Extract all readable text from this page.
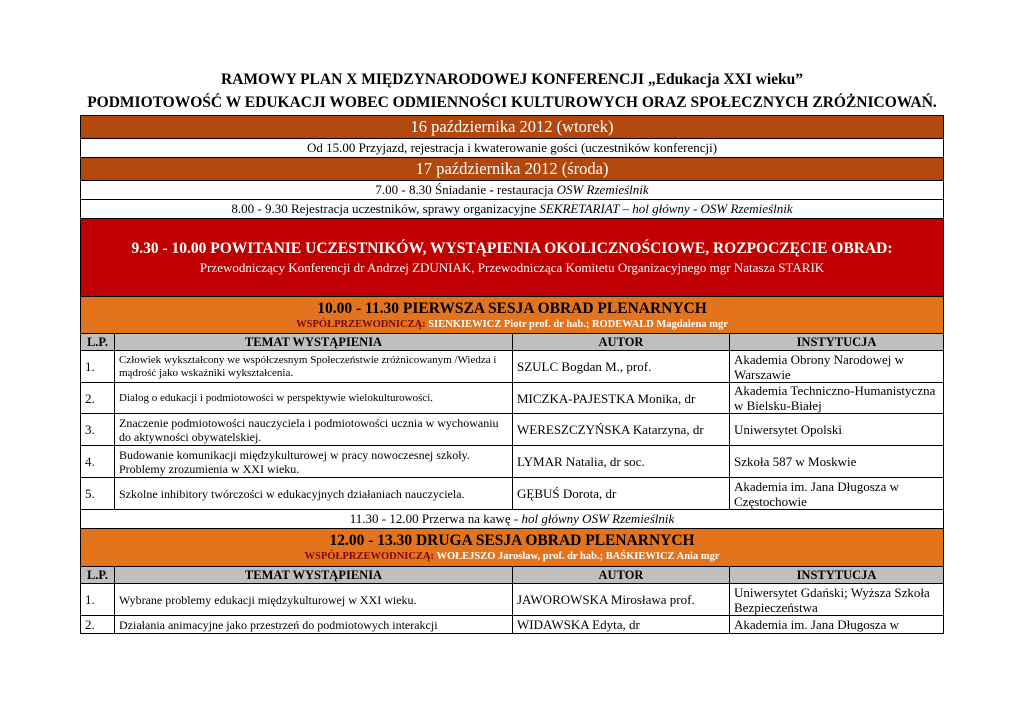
RAMOWY PLAN X MIĘDZYNARODOWEJ KONFERENCJI „Edukacja XXI wieku”
PODMIOTOWOŚĆ W EDUKACJI WOBEC ODMIENNOŚCI KULTUROWYCH ORAZ SPOŁECZNYCH ZRÓŻNICOWAŃ.
16 października 2012 (wtorek)			
Od 15.00 Przyjazd, rejestracja i kwaterowanie gości (uczestników konferencji)			
17 października 2012 (środa)			
7.00 - 8.30 Śniadanie - restauracja OSW Rzemieślnik			
8.00 - 9.30 Rejestracja uczestników, sprawy organizacyjne SEKRETARIAT – hol główny - OSW Rzemieślnik			

9.30 - 10.00 POWITANIE UCZESTNIKÓW, WYSTĄPIENIA OKOLICZNOŚCIOWE, ROZPOCZĘCIE OBRAD:
Przewodniczący Konferencji dr Andrzej ZDUNIAK, Przewodnicząca Komitetu Organizacyjnego mgr Natasza STARIK			

10.00 - 11.30 PIERWSZA SESJA OBRAD PLENARNYCH
WSPÓŁPRZEWODNICZĄ: SIENKIEWICZ Piotr prof. dr hab.; RODEWALD Magdalena mgr			

L.P.	TEMAT WYSTĄPIENIA	AUTOR	INSTYTUCJA
1.	Człowiek wykształcony we współczesnym Społeczeństwie zróżnicowanym /Wiedza i mądrość jako wskaźniki wykształcenia.	SZULC Bogdan M., prof.	Akademia Obrony Narodowej w Warszawie
2.	Dialog o edukacji i podmiotowości w perspektywie wielokulturowości.	MICZKA-PAJESTKA Monika, dr	Akademia Techniczno-Humanistyczna w Bielsku-Białej
3.	Znaczenie podmiotowości nauczyciela i podmiotowości ucznia w wychowaniu do aktywności obywatelskiej.	WERESZCZYŃSKA Katarzyna, dr	Uniwersytet Opolski
4.	Budowanie komunikacji międzykulturowej w pracy nowoczesnej szkoły. Problemy zrozumienia w XXI wieku.	LYMAR Natalia, dr soc.	Szkoła 587 w Moskwie
5.	Szkolne inhibitory twórczości w edukacyjnych działaniach nauczyciela.	GĘBUŚ Dorota, dr	Akademia im. Jana Długosza w Częstochowie
11.30 - 12.00 Przerwa na kawę - hol główny OSW Rzemieślnik			

12.00 - 13.30 DRUGA SESJA OBRAD PLENARNYCH
WSPÓŁPRZEWODNICZĄ: WOŁEJSZO Jarosław, prof. dr hab.; BAŚKIEWICZ Ania mgr			

L.P.	TEMAT WYSTĄPIENIA	AUTOR	INSTYTUCJA
1.	Wybrane problemy edukacji międzykulturowej w XXI wieku.	JAWOROWSKA Mirosława prof.	Uniwersytet Gdański; Wyższa Szkoła Bezpieczeństwa
2.	Działania animacyjne jako przestrzeń do podmiotowych interakcji	WIDAWSKA Edyta, dr	Akademia im. Jana Długosza w
